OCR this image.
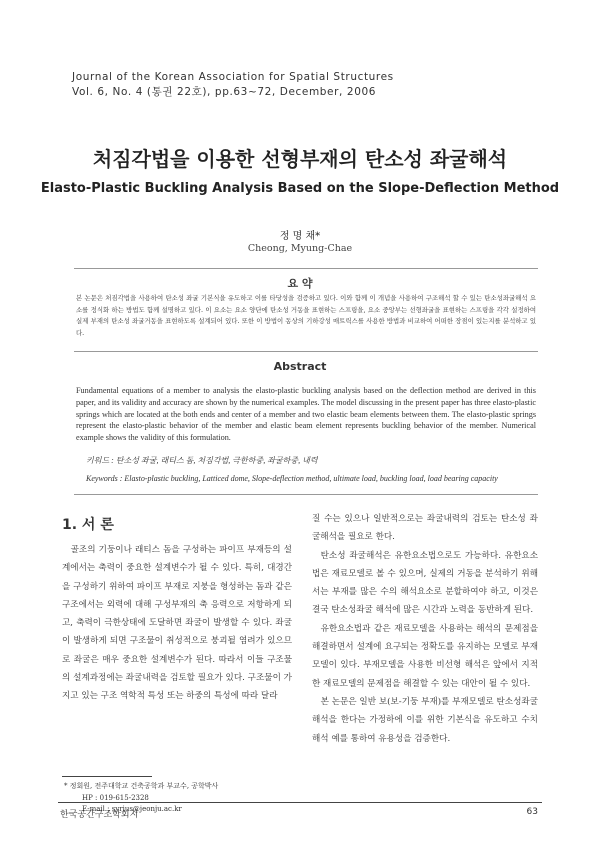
Journal of the Korean Association for Spatial Structures
Vol. 6, No. 4 (통권 22호), pp.63~72, December, 2006
처짐각법을 이용한 선형부재의 탄소성 좌굴해석
Elasto-Plastic Buckling Analysis Based on the Slope-Deflection Method
정 명 채*
Cheong, Myung-Chae
요 약
본 논문은 처짐각법을 사용하여 탄소성 좌굴 기본식을 유도하고 이를 타당성을 검증하고 있다. 이와 함께 이 개념을 사용하여 구조해석 할 수 있는 탄소성좌굴해석 요소를 정식화 하는 방법도 함께 설명하고 있다. 이 요소는 요소 양단에 탄소성 거동을 표현하는 스프링을, 요소 중앙부는 선형좌굴을 표현하는 스프링을 각각 설정하여 실제 부재의 탄소성 좌굴거동을 표현하도록 설계되어 있다. 또한 이 방법이 동상의 기하강성 매트릭스를 사용한 방법과 비교하여 어떠한 장점이 있는지를 분석하고 있다.
Abstract
Fundamental equations of a member to analysis the elasto-plastic buckling analysis based on the deflection method are derived in this paper, and its validity and accuracy are shown by the numerical examples. The model discussing in the present paper has three elasto-plastic springs which are located at the both ends and center of a member and two elastic beam elements between them. The elasto-plastic springs represent the elasto-plastic behavior of the member and elastic beam element represents buckling behavior of the member. Numerical example shows the validity of this formulation.
키워드 : 탄소성 좌굴, 래티스 돔, 처짐각법, 극한하중, 좌굴하중, 내력
Keywords : Elasto-plastic buckling, Latticed dome, Slope-deflection method, ultimate load, buckling load, load bearing capacity
1. 서 론

골조의 기둥이나 래티스 돔을 구성하는 파이프 부재등의 설계에서는 축력이 중요한 설계변수가 될 수 있다. 특히, 대경간을 구성하기 위하여 파이프 부재로 지붕을 형성하는 돔과 같은 구조에서는 외력에 대해 구성부재의 축 응력으로 저항하게 되고, 축력이 극한상태에 도달하면 좌굴이 발생할 수 있다. 좌굴이 발생하게 되면 구조물이 취성적으로 붕괴될 염려가 있으므로 좌굴은 매우 중요한 설계변수가 된다. 따라서 이들 구조물의 설계과정에는 좌굴내력을 검토할 필요가 있다. 구조물이 가지고 있는 구조 역학적 특성 또는 하중의 특성에 따라 달라

질 수는 있으나 일반적으로는 좌굴내력의 검토는 탄소성 좌굴해석을 필요로 한다.

탄소성 좌굴해석은 유한요소법으로도 가능하다. 유한요소법은 재료모델로 볼 수 있으며, 실제의 거동을 분석하기 위해서는 부재를 많은 수의 해석요소로 분할하여야 하고, 이것은 결국 탄소성좌굴 해석에 많은 시간과 노력을 동반하게 된다.

유한요소법과 같은 재료모델을 사용하는 해석의 문제점을 해결하면서 설계에 요구되는 정확도를 유지하는 모델로 부재모델이 있다. 부재모델을 사용한 비선형 해석은 앞에서 지적한 재료모델의 문제점을 해결할 수 있는 대안이 될 수 있다.

본 논문은 일반 보(보-기둥 부재)를 부재모델로 탄소성좌굴 해석을 한다는 가정하에 이를 위한 기본식을 유도하고 수치해석 예를 통하여 유용성을 검증한다.

* 정회원, 전주대학교 건축공학과 부교수, 공학박사
HP : 019-615-2328
E-mail : syrius@jeonju.ac.kr
한국공간구조학회지	63
